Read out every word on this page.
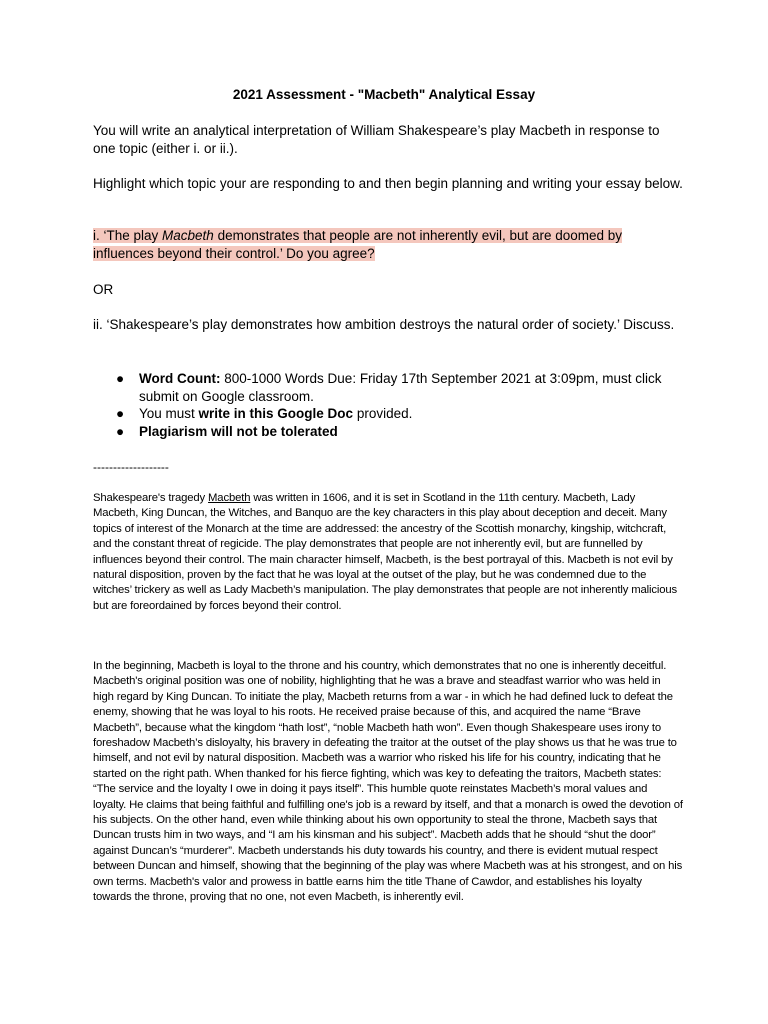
2021 Assessment - "Macbeth" Analytical Essay

You will write an analytical interpretation of William Shakespeare’s play Macbeth in response to one topic (either i. or ii.).

Highlight which topic your are responding to and then begin planning and writing your essay below.

i. ‘The play Macbeth demonstrates that people are not inherently evil, but are doomed by influences beyond their control.’ Do you agree?

OR

ii. ‘Shakespeare’s play demonstrates how ambition destroys the natural order of society.’ Discuss.

● Word Count: 800-1000 Words Due: Friday 17th September 2021 at 3:09pm, must click submit on Google classroom.
● You must write in this Google Doc provided.
● Plagiarism will not be tolerated
-------------------

Shakespeare's tragedy Macbeth was written in 1606, and it is set in Scotland in the 11th century. Macbeth, Lady Macbeth, King Duncan, the Witches, and Banquo are the key characters in this play about deception and deceit. Many topics of interest of the Monarch at the time are addressed: the ancestry of the Scottish monarchy, kingship, witchcraft, and the constant threat of regicide. The play demonstrates that people are not inherently evil, but are funnelled by influences beyond their control. The main character himself, Macbeth, is the best portrayal of this. Macbeth is not evil by natural disposition, proven by the fact that he was loyal at the outset of the play, but he was condemned due to the witches’ trickery as well as Lady Macbeth’s manipulation. The play demonstrates that people are not inherently malicious but are foreordained by forces beyond their control.

In the beginning, Macbeth is loyal to the throne and his country, which demonstrates that no one is inherently deceitful. Macbeth's original position was one of nobility, highlighting that he was a brave and steadfast warrior who was held in high regard by King Duncan. To initiate the play, Macbeth returns from a war - in which he had defined luck to defeat the enemy, showing that he was loyal to his roots. He received praise because of this, and acquired the name “Brave Macbeth”, because what the kingdom “hath lost”, “noble Macbeth hath won”. Even though Shakespeare uses irony to foreshadow Macbeth’s disloyalty, his bravery in defeating the traitor at the outset of the play shows us that he was true to himself, and not evil by natural disposition. Macbeth was a warrior who risked his life for his country, indicating that he started on the right path. When thanked for his fierce fighting, which was key to defeating the traitors, Macbeth states: “The service and the loyalty I owe in doing it pays itself”. This humble quote reinstates Macbeth’s moral values and loyalty. He claims that being faithful and fulfilling one's job is a reward by itself, and that a monarch is owed the devotion of his subjects. On the other hand, even while thinking about his own opportunity to steal the throne, Macbeth says that Duncan trusts him in two ways, and “I am his kinsman and his subject”. Macbeth adds that he should “shut the door” against Duncan’s “murderer”. Macbeth understands his duty towards his country, and there is evident mutual respect between Duncan and himself, showing that the beginning of the play was where Macbeth was at his strongest, and on his own terms. Macbeth's valor and prowess in battle earns him the title Thane of Cawdor, and establishes his loyalty towards the throne, proving that no one, not even Macbeth, is inherently evil.
